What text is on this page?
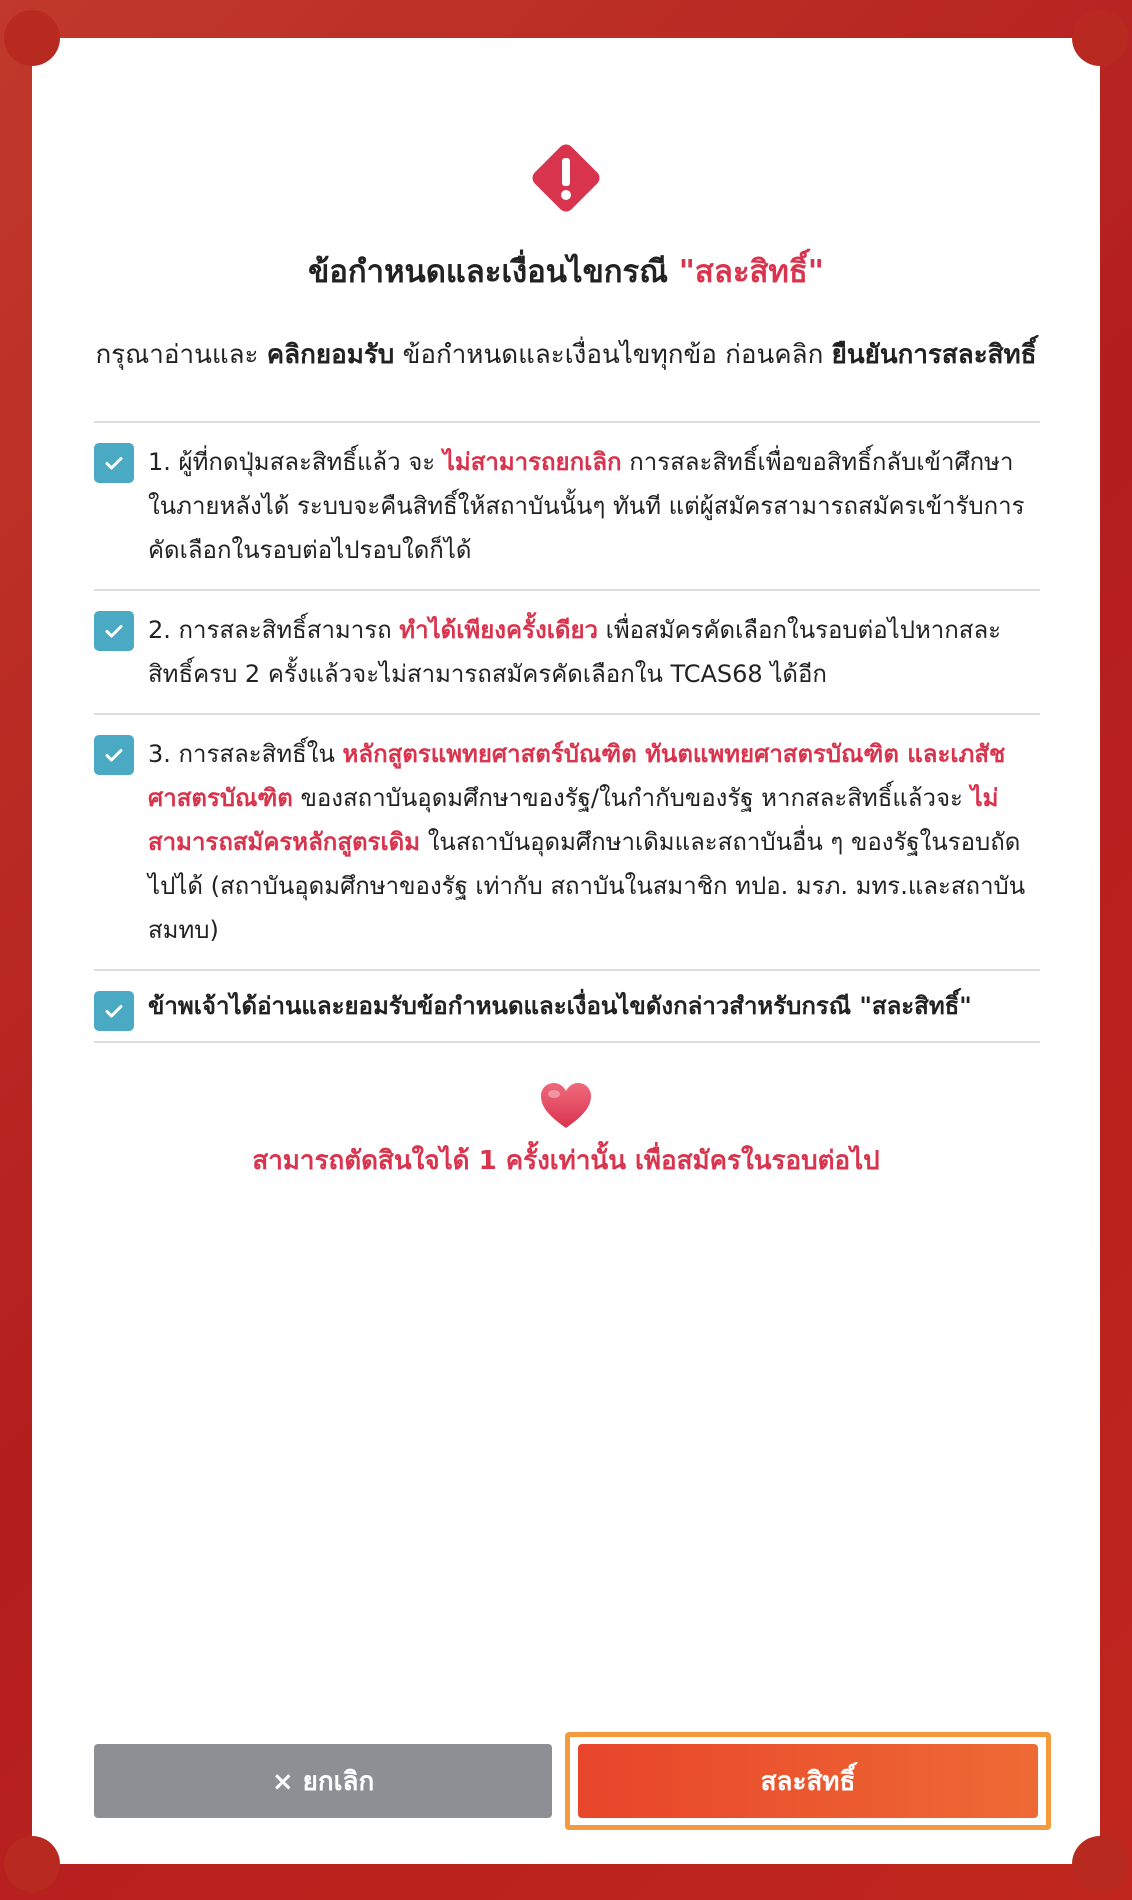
ข้อกำหนดและเงื่อนไขกรณี "สละสิทธิ์"
กรุณาอ่านและ คลิกยอมรับ ข้อกำหนดและเงื่อนไขทุกข้อ ก่อนคลิก ยืนยันการสละสิทธิ์
1. ผู้ที่กดปุ่มสละสิทธิ์แล้ว จะ ไม่สามารถยกเลิก การสละสิทธิ์เพื่อขอสิทธิ์กลับเข้าศึกษาในภายหลังได้ ระบบจะคืนสิทธิ์ให้สถาบันนั้นๆ ทันที แต่ผู้สมัครสามารถสมัครเข้ารับการคัดเลือกในรอบต่อไปรอบใดก็ได้
2. การสละสิทธิ์สามารถ ทำได้เพียงครั้งเดียว เพื่อสมัครคัดเลือกในรอบต่อไปหากสละสิทธิ์ครบ 2 ครั้งแล้วจะไม่สามารถสมัครคัดเลือกใน TCAS68 ได้อีก
3. การสละสิทธิ์ใน หลักสูตรแพทยศาสตร์บัณฑิต ทันตแพทยศาสตรบัณฑิต และเภสัชศาสตรบัณฑิต ของสถาบันอุดมศึกษาของรัฐ/ในกำกับของรัฐ หากสละสิทธิ์แล้วจะ ไม่สามารถสมัครหลักสูตรเดิม ในสถาบันอุดมศึกษาเดิมและสถาบันอื่น ๆ ของรัฐในรอบถัดไปได้ (สถาบันอุดมศึกษาของรัฐ เท่ากับ สถาบันในสมาชิก ทปอ. มรภ. มทร.และสถาบันสมทบ)
ข้าพเจ้าได้อ่านและยอมรับข้อกำหนดและเงื่อนไขดังกล่าวสำหรับกรณี "สละสิทธิ์"
สามารถตัดสินใจได้ 1 ครั้งเท่านั้น เพื่อสมัครในรอบต่อไป
× ยกเลิก	สละสิทธิ์
